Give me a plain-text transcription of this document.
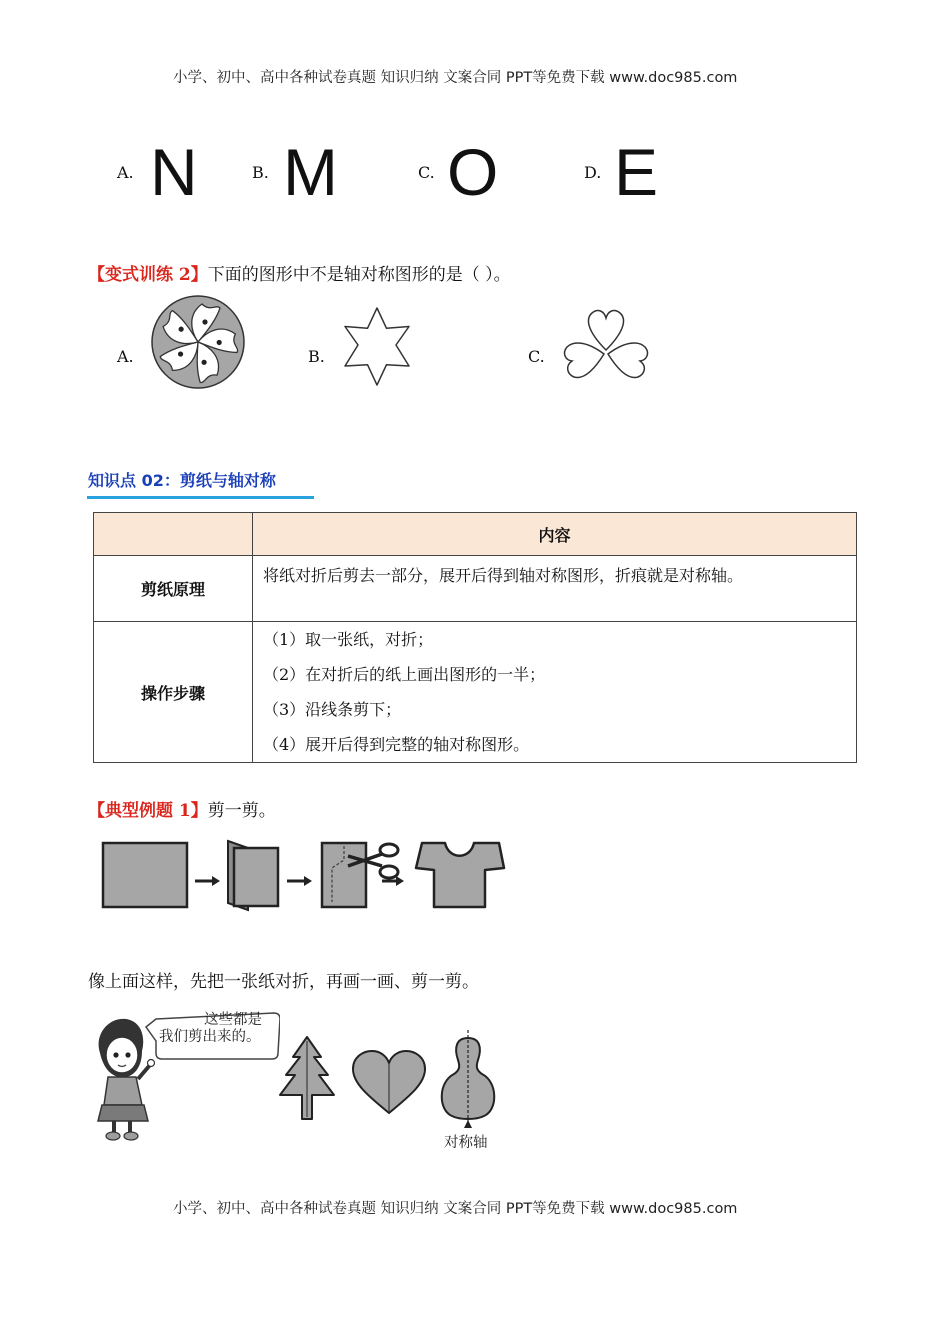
小学、初中、高中各种试卷真题 知识归纳 文案合同 PPT等免费下载 www.doc985.com
A. N	B. M	C. O	D. E
【变式训练 2】下面的图形中不是轴对称图形的是（ ）。
A.	B.	C.
知识点 02：剪纸与轴对称
	内容
剪纸原理	将纸对折后剪去一部分，展开后得到轴对称图形，折痕就是对称轴。

操作步骤	（1）取一张纸，对折；
（2）在对折后的纸上画出图形的一半；
（3）沿线条剪下；
（4）展开后得到完整的轴对称图形。
【典型例题 1】剪一剪。
像上面这样，先把一张纸对折，再画一画、剪一剪。
这些都是
我们剪出来的。
对称轴
小学、初中、高中各种试卷真题 知识归纳 文案合同 PPT等免费下载 www.doc985.com
